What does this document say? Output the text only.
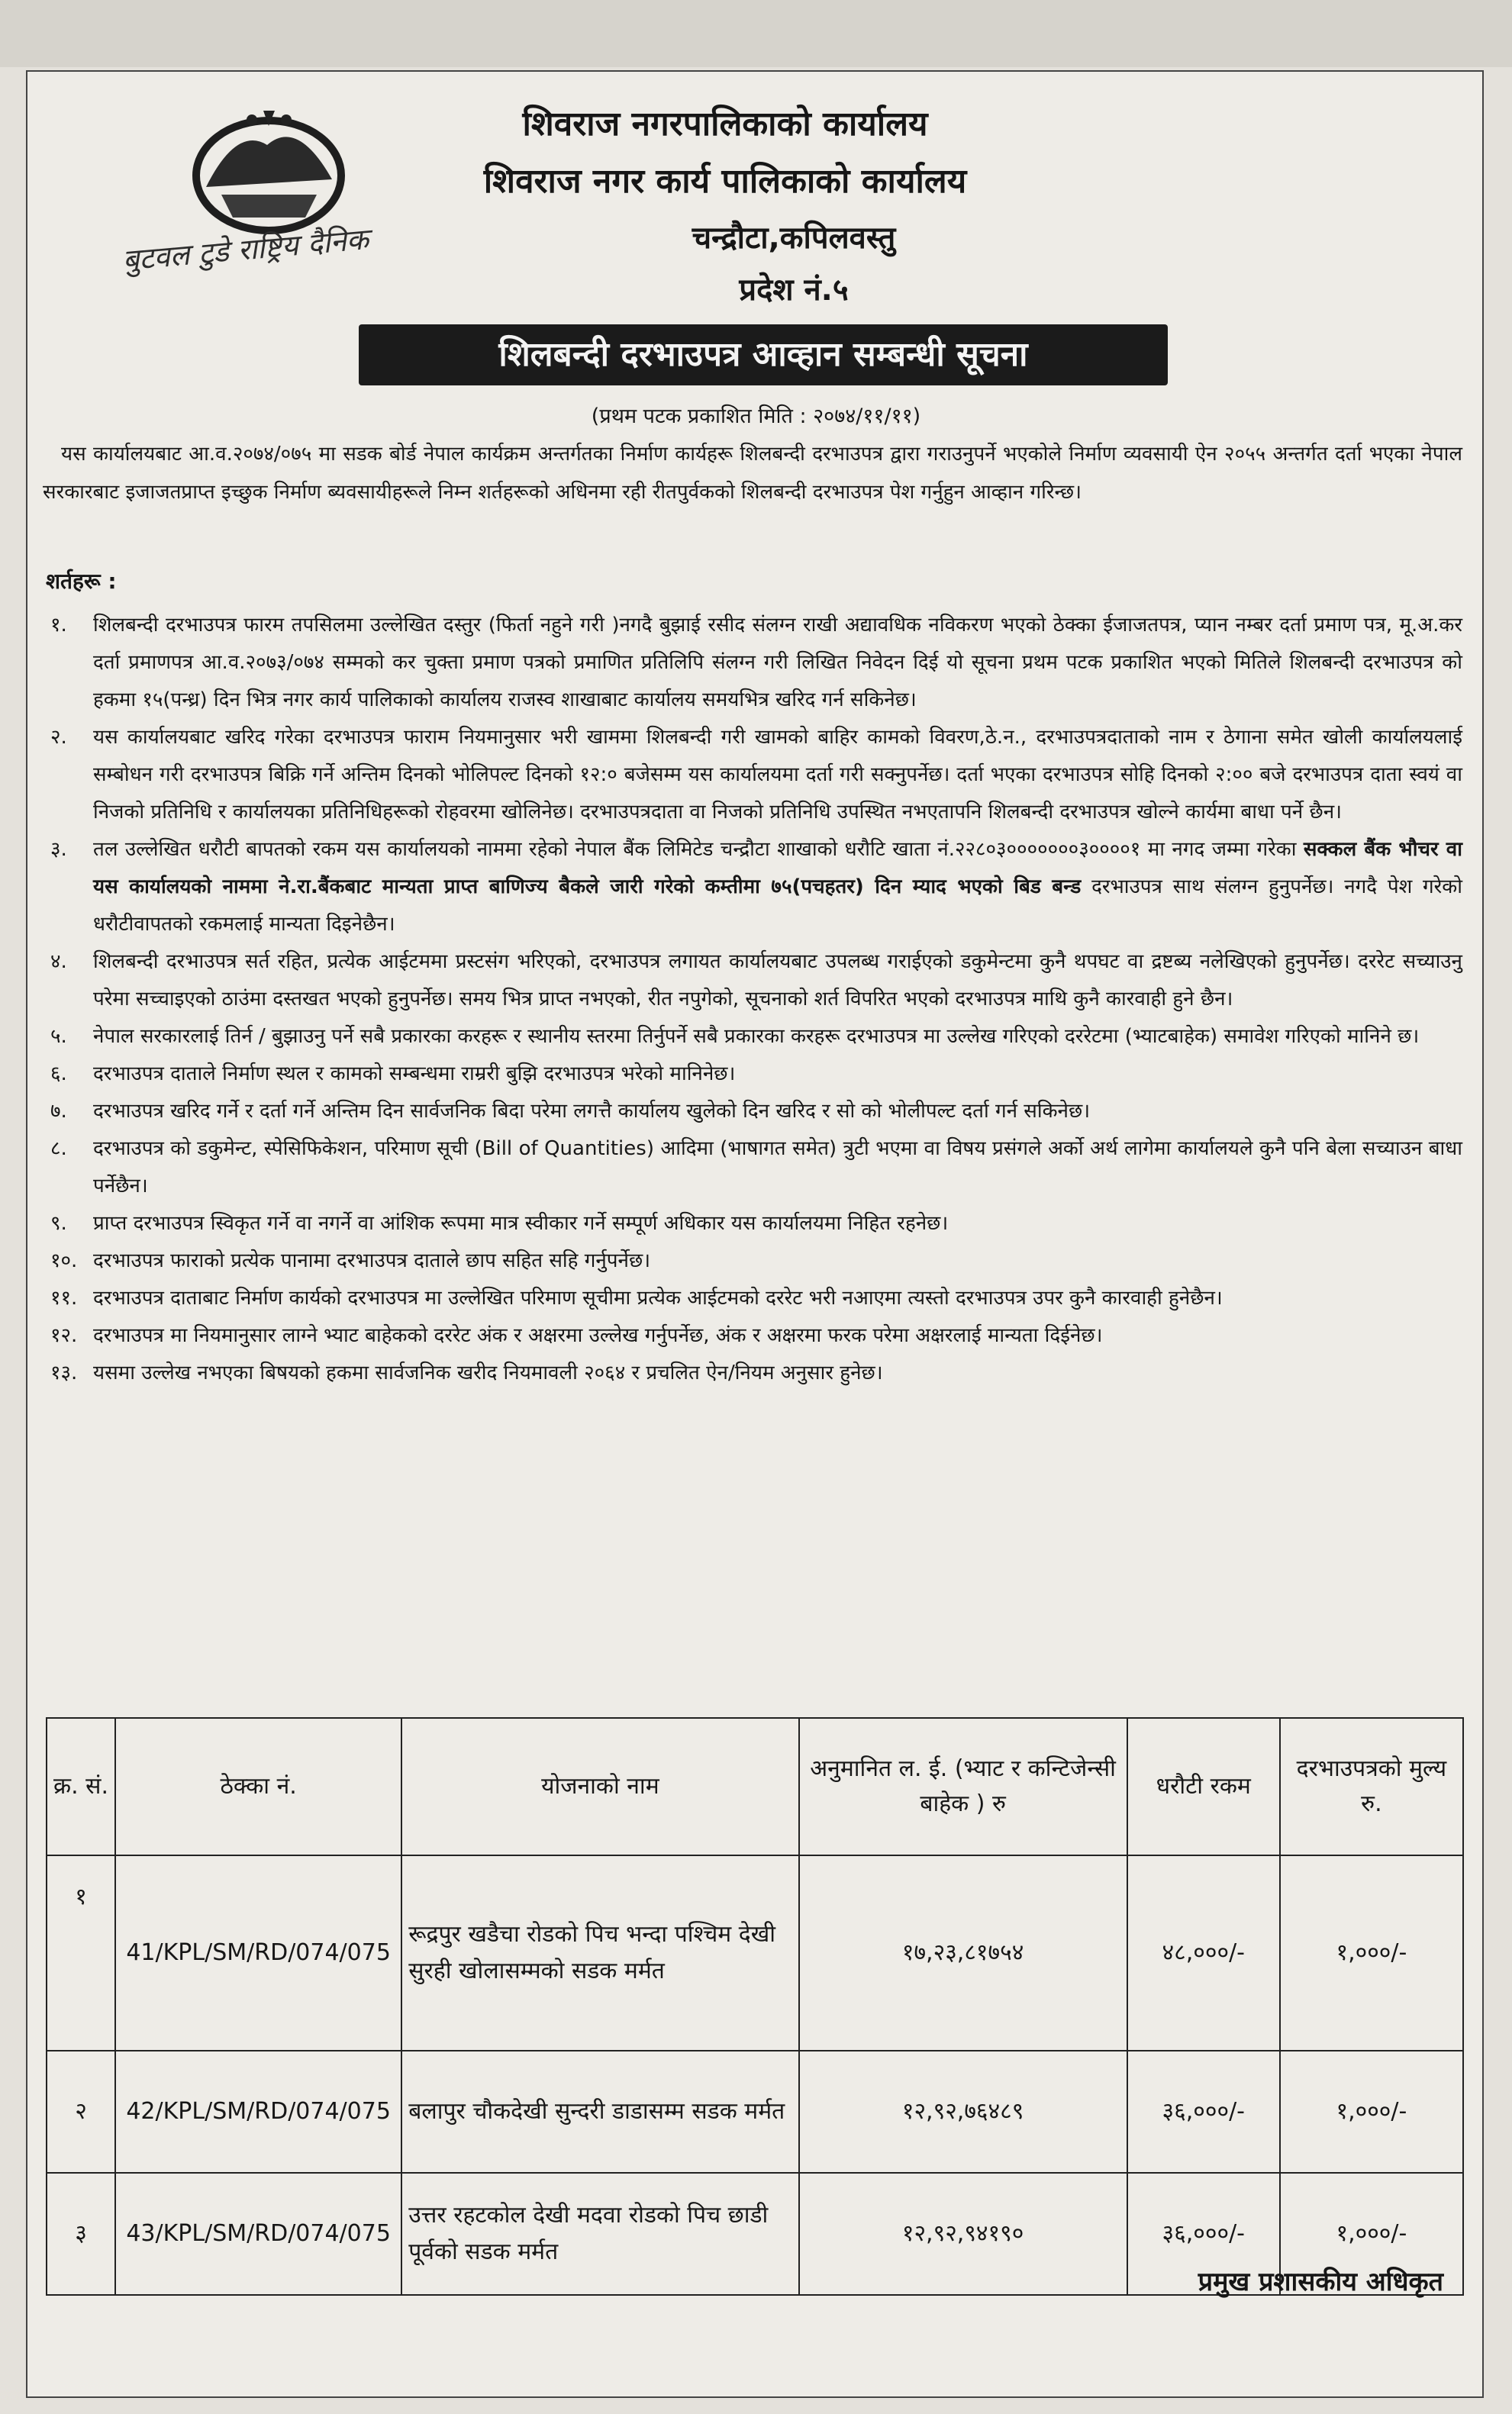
शिवराज नगरपालिकाको कार्यालय
शिवराज नगर कार्य पालिकाको कार्यालय
बुटवल टुडे राष्ट्रिय दैनिक	चन्द्रौटा,कपिलवस्तु
प्रदेश नं.५
शिलबन्दी दरभाउपत्र आव्हान सम्बन्धी सूचना
(प्रथम पटक प्रकाशित मिति : २०७४/११/११)
यस कार्यालयबाट आ.व.२०७४/०७५ मा सडक बोर्ड नेपाल कार्यक्रम अन्तर्गतका निर्माण कार्यहरू शिलबन्दी दरभाउपत्र द्वारा गराउनुपर्ने भएकोले निर्माण व्यवसायी ऐन २०५५ अन्तर्गत दर्ता भएका नेपाल सरकारबाट इजाजतप्राप्त इच्छुक निर्माण ब्यवसायीहरूले निम्न शर्तहरूको अधिनमा रही रीतपुर्वककाे शिलबन्दी दरभाउपत्र पेश गर्नुहुन आव्हान गरिन्छ।
शर्तहरू :
१. शिलबन्दी दरभाउपत्र फारम तपसिलमा उल्लेखित दस्तुर (फिर्ता नहुने गरी )नगदै बुझाई रसीद संलग्न राखी अद्यावधिक नविकरण भएको ठेक्का ईजाजतपत्र, प्यान नम्बर दर्ता प्रमाण पत्र, मू.अ.कर दर्ता प्रमाणपत्र आ.व.२०७३/०७४ सम्मको कर चुक्ता प्रमाण पत्रको प्रमाणित प्रतिलिपि संलग्न गरी लिखित निवेदन दिई यो सूचना प्रथम पटक प्रकाशित भएको मितिले शिलबन्दी दरभाउपत्र को हकमा १५(पन्ध्र) दिन भित्र नगर कार्य पालिकाको कार्यालय राजस्व शाखाबाट कार्यालय समयभित्र खरिद गर्न सकिनेछ।
२. यस कार्यालयबाट खरिद गरेका दरभाउपत्र फाराम नियमानुसार भरी खाममा शिलबन्दी गरी खामको बाहिर कामको विवरण,ठे.न., दरभाउपत्रदाताको नाम र ठेगाना समेत खोली कार्यालयलाई सम्बोधन गरी दरभाउपत्र बिक्रि गर्ने अन्तिम दिनको भोलिपल्ट दिनको १२:० बजेसम्म यस कार्यालयमा दर्ता गरी सक्नुपर्नेछ। दर्ता भएका दरभाउपत्र सोहि दिनको २:०० बजे दरभाउपत्र दाता स्वयं वा निजको प्रतिनिधि र कार्यालयका प्रतिनिधिहरूको रोहवरमा खोलिनेछ। दरभाउपत्रदाता वा निजको प्रतिनिधि उपस्थित नभएतापनि शिलबन्दी दरभाउपत्र खोल्ने कार्यमा बाधा पर्ने छैन।
३. तल उल्लेखित धरौटी बापतको रकम यस कार्यालयको नाममा रहेको नेपाल बैंक लिमिटेड चन्द्रौटा शाखाको धरौटि खाता नं.२२८०३०००००००३००००१ मा नगद जम्मा गरेका सक्कल बैंक भौचर वा यस कार्यालयको नाममा ने.रा.बैंकबाट मान्यता प्राप्त बाणिज्य बैकले जारी गरेको कम्तीमा ७५(पचहतर) दिन म्याद भएको बिड बन्ड दरभाउपत्र साथ संलग्न हुनुपर्नेछ। नगदै पेश गरेको धरौटीवापतको रकमलाई मान्यता दिइनेछैन।
४. शिलबन्दी दरभाउपत्र सर्त रहित, प्रत्येक आईटममा प्रस्टसंग भरिएको, दरभाउपत्र लगायत कार्यालयबाट उपलब्ध गराईएको डकुमेन्टमा कुनै थपघट वा द्रष्टब्य नलेखिएको हुनुपर्नेछ। दररेट सच्याउनु परेमा सच्चाइएको ठाउंमा दस्तखत भएको हुनुपर्नेछ। समय भित्र प्राप्त नभएको, रीत नपुगेको, सूचनाको शर्त विपरित भएको दरभाउपत्र माथि कुनै कारवाही हुने छैन।
५. नेपाल सरकारलाई तिर्न / बुझाउनु पर्ने सबै प्रकारका करहरू र स्थानीय स्तरमा तिर्नुपर्ने सबै प्रकारका करहरू दरभाउपत्र मा उल्लेख गरिएको दररेटमा (भ्याटबाहेक) समावेश गरिएको मानिने छ।
६. दरभाउपत्र दाताले निर्माण स्थल र कामको सम्बन्धमा राम्ररी बुझि दरभाउपत्र भरेको मानिनेछ।
७. दरभाउपत्र खरिद गर्ने र दर्ता गर्ने अन्तिम दिन सार्वजनिक बिदा परेमा लगत्तै कार्यालय खुलेको दिन खरिद र सो को भोलीपल्ट दर्ता गर्न सकिनेछ।
८. दरभाउपत्र को डकुमेन्ट, स्पेसिफिकेशन, परिमाण सूची (Bill of Quantities) आदिमा (भाषागत समेत) त्रुटी भएमा वा विषय प्रसंगले अर्को अर्थ लागेमा कार्यालयले कुनै पनि बेला सच्याउन बाधा पर्नेछैन।
९. प्राप्त दरभाउपत्र स्विकृत गर्ने वा नगर्ने वा आंशिक रूपमा मात्र स्वीकार गर्ने सम्पूर्ण अधिकार यस कार्यालयमा निहित रहनेछ।
१०. दरभाउपत्र फाराको प्रत्येक पानामा दरभाउपत्र दाताले छाप सहित सहि गर्नुपर्नेछ।
११. दरभाउपत्र दाताबाट निर्माण कार्यको दरभाउपत्र मा उल्लेखित परिमाण सूचीमा प्रत्येक आईटमको दररेट भरी नआएमा त्यस्तो दरभाउपत्र उपर कुनै कारवाही हुनेछैन।
१२. दरभाउपत्र मा नियमानुसार लाग्ने भ्याट बाहेकको दररेट अंक र अक्षरमा उल्लेख गर्नुपर्नेछ, अंक र अक्षरमा फरक परेमा अक्षरलाई मान्यता दिईनेछ।
१३. यसमा उल्लेख नभएका बिषयको हकमा सार्वजनिक खरीद नियमावली २०६४ र प्रचलित ऐन/नियम अनुसार हुनेछ।
क्र. सं.	ठेक्का नं.	योजनाको नाम	अनुमानित ल. ई. (भ्याट र कन्टिजेन्सी बाहेक ) रु	धरौटी रकम	दरभाउपत्रको मुल्य रु.
१	41/KPL/SM/RD/074/075	रूद्रपुर खडैचा रोडको पिच भन्दा पश्चिम देखी सुरही खोलासम्मको सडक मर्मत	१७,२३,८१७५४	४८,०००/-	१,०००/-
२	42/KPL/SM/RD/074/075	बलापुर चौकदेखी सुन्दरी डाडासम्म सडक मर्मत	१२,९२,७६४८९	३६,०००/-	१,०००/-
३	43/KPL/SM/RD/074/075	उत्तर रहटकोल देखी मदवा रोडको पिच छाडी पूर्वको सडक मर्मत	१२,९२,९४१९०	३६,०००/-	१,०००/-
प्रमुख प्रशासकीय अधिकृत
